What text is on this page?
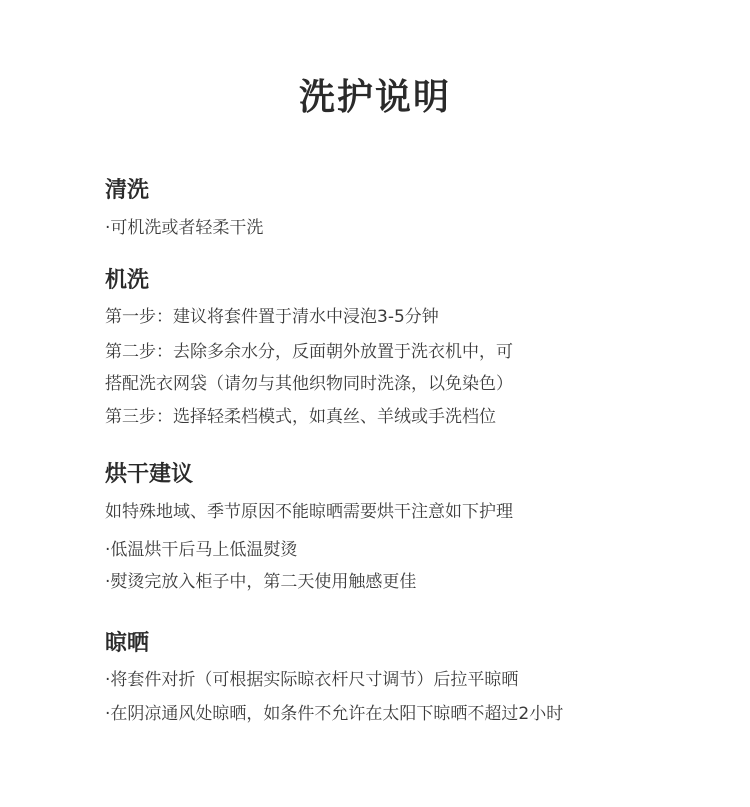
洗护说明
清洗
·可机洗或者轻柔干洗
机洗
第一步：建议将套件置于清水中浸泡3-5分钟
第二步：去除多余水分，反面朝外放置于洗衣机中，可
搭配洗衣网袋（请勿与其他织物同时洗涤，以免染色）
第三步：选择轻柔档模式，如真丝、羊绒或手洗档位
烘干建议
如特殊地域、季节原因不能晾晒需要烘干注意如下护理
·低温烘干后马上低温熨烫
·熨烫完放入柜子中，第二天使用触感更佳
晾晒
·将套件对折（可根据实际晾衣杆尺寸调节）后拉平晾晒
·在阴凉通风处晾晒，如条件不允许在太阳下晾晒不超过2小时
